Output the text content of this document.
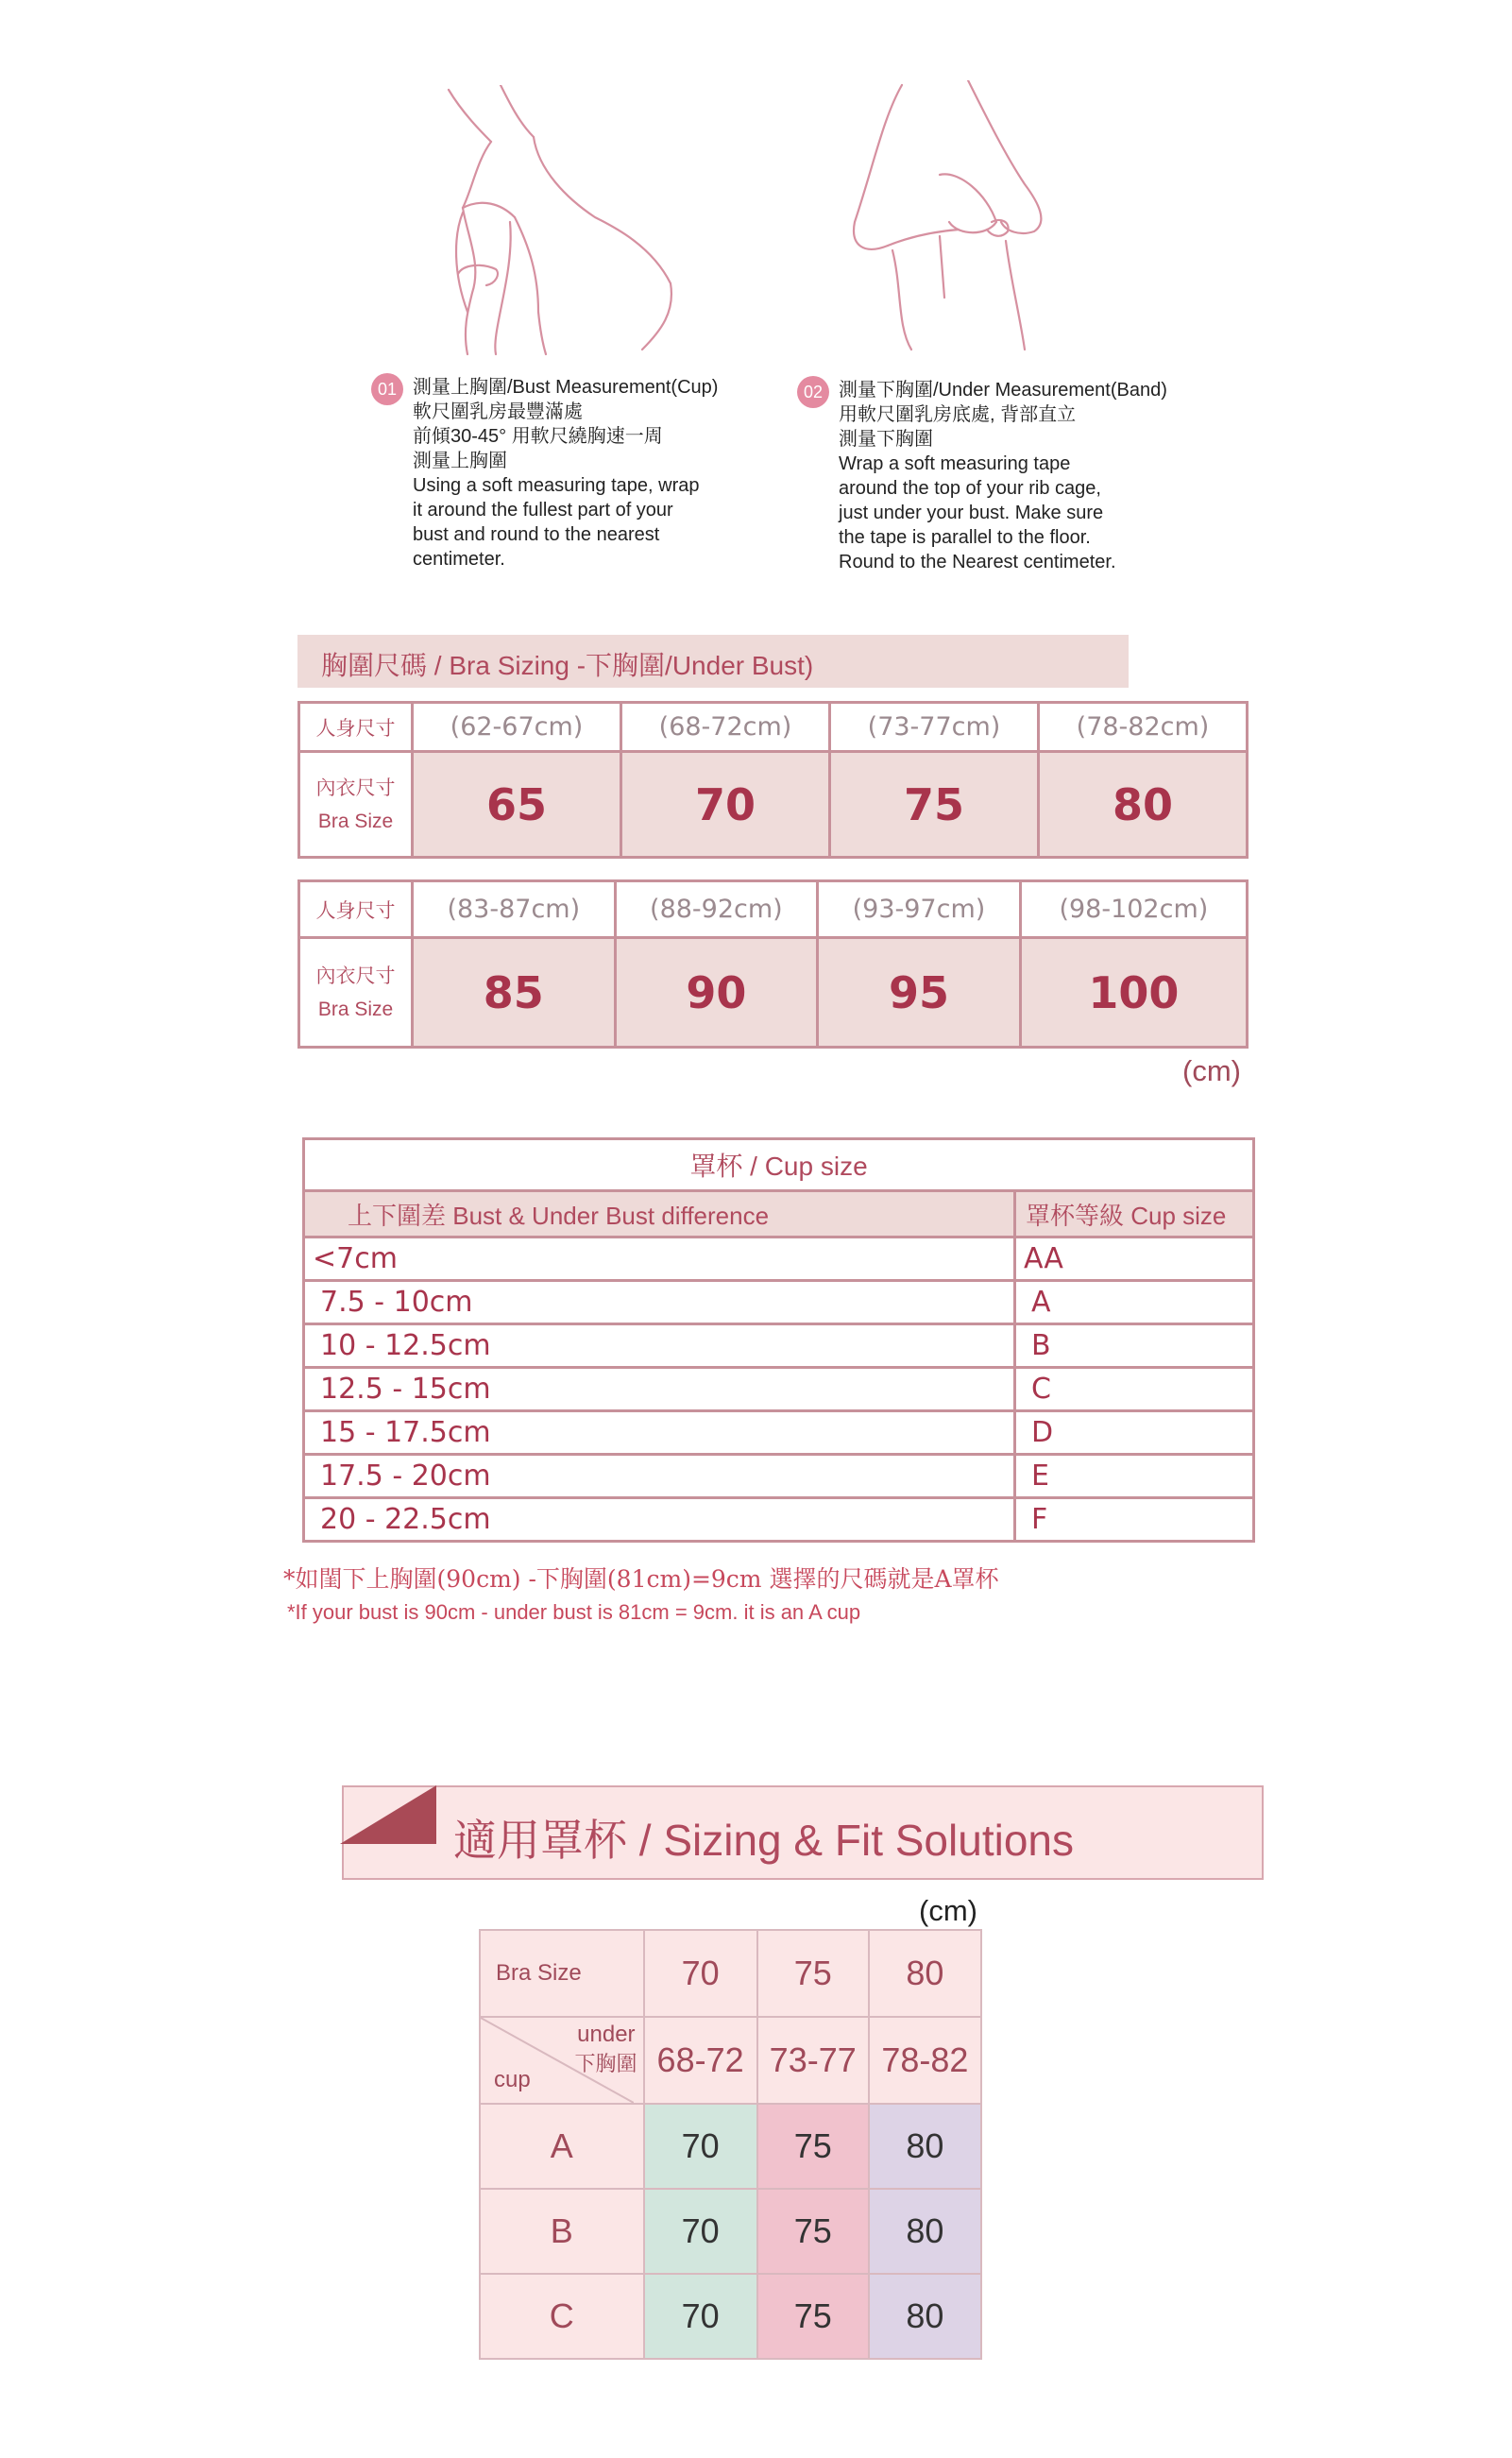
01 測量上胸圍/Bust Measurement(Cup)
軟尺圍乳房最豐滿處
前傾30-45° 用軟尺繞胸速一周
測量上胸圍
Using a soft measuring tape, wrap
it around the fullest part of your
bust and round to the nearest
centimeter.
02 測量下胸圍/Under Measurement(Band)
用軟尺圍乳房底處, 背部直立
測量下胸圍
Wrap a soft measuring tape
around the top of your rib cage,
just under your bust. Make sure
the tape is parallel to the floor.
Round to the Nearest centimeter.
胸圍尺碼 / Bra Sizing -下胸圍/Under Bust)
人身尺寸	(62-67cm)	(68-72cm)	(73-77cm)	(78-82cm)

內衣尺寸
Bra Size	65	70	75	80
人身尺寸	(83-87cm)	(88-92cm)	(93-97cm)	(98-102cm)

內衣尺寸
Bra Size	85	90	95	100
(cm)
罩杯 / Cup size	
上下圍差 Bust & Under Bust difference	罩杯等級 Cup size
<7cm	AA
7.5 - 10cm	A
10 - 12.5cm	B
12.5 - 15cm	C
15 - 17.5cm	D
17.5 - 20cm	E
20 - 22.5cm	F
*如閨下上胸圍(90cm) -下胸圍(81cm)=9cm 選擇的尺碼就是A罩杯
*If your bust is 90cm - under bust is 81cm = 9cm. it is an A cup
適用罩杯 / Sizing & Fit Solutions
(cm)
Bra Size	70	75	80

under
下胸圍
cup	68-72	73-77	78-82
A	70	75	80
B	70	75	80
C	70	75	80
